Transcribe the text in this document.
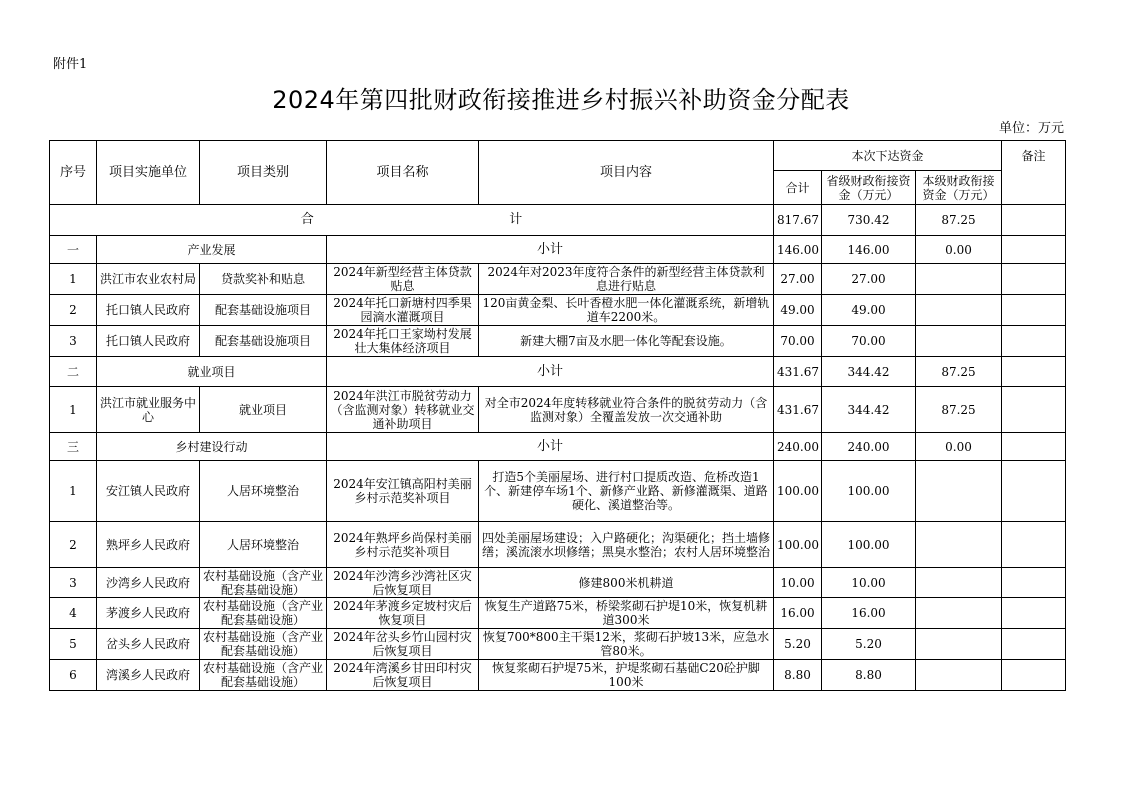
附件1
2024年第四批财政衔接推进乡村振兴补助资金分配表
单位：万元
序号	项目实施单位	项目类别	项目名称	项目内容	本次下达资金			备注
					合计	省级财政衔接资金（万元）	本级财政衔接资金（万元）	

合 计					817.67	730.42	87.25	
一	产业发展		小计		146.00	146.00	0.00	
1	洪江市农业农村局	贷款奖补和贴息	2024年新型经营主体贷款贴息	2024年对2023年度符合条件的新型经营主体贷款利息进行贴息	27.00	27.00		
2	托口镇人民政府	配套基础设施项目	2024年托口新塘村四季果园滴水灌溉项目	120亩黄金梨、长叶香橙水肥一体化灌溉系统，新增轨道车2200米。	49.00	49.00		
3	托口镇人民政府	配套基础设施项目	2024年托口王家坳村发展壮大集体经济项目	新建大棚7亩及水肥一体化等配套设施。	70.00	70.00		
二	就业项目		小计		431.67	344.42	87.25	
1	洪江市就业服务中心	就业项目	2024年洪江市脱贫劳动力（含监测对象）转移就业交通补助项目	对全市2024年度转移就业符合条件的脱贫劳动力（含监测对象）全覆盖发放一次交通补助	431.67	344.42	87.25	
三	乡村建设行动		小计		240.00	240.00	0.00	
1	安江镇人民政府	人居环境整治	2024年安江镇高阳村美丽乡村示范奖补项目	打造5个美丽屋场、进行村口提质改造、危桥改造1个、新建停车场1个、新修产业路、新修灌溉渠、道路硬化、溪道整治等。	100.00	100.00		
2	熟坪乡人民政府	人居环境整治	2024年熟坪乡尚保村美丽乡村示范奖补项目	四处美丽屋场建设；入户路硬化；沟渠硬化；挡土墙修缮；溪流滚水坝修缮；黑臭水整治；农村人居环境整治	100.00	100.00		
3	沙湾乡人民政府	农村基础设施（含产业配套基础设施）	2024年沙湾乡沙湾社区灾后恢复项目	修建800米机耕道	10.00	10.00		
4	茅渡乡人民政府	农村基础设施（含产业配套基础设施）	2024年茅渡乡定坡村灾后恢复项目	恢复生产道路75米，桥梁浆砌石护堤10米，恢复机耕道300米	16.00	16.00		
5	岔头乡人民政府	农村基础设施（含产业配套基础设施）	2024年岔头乡竹山园村灾后恢复项目	恢复700*800主干渠12米，浆砌石护坡13米，应急水管80米。	5.20	5.20		
6	湾溪乡人民政府	农村基础设施（含产业配套基础设施）	2024年湾溪乡甘田印村灾后恢复项目	恢复浆砌石护堤75米，护堤浆砌石基础C20砼护脚100米	8.80	8.80		
